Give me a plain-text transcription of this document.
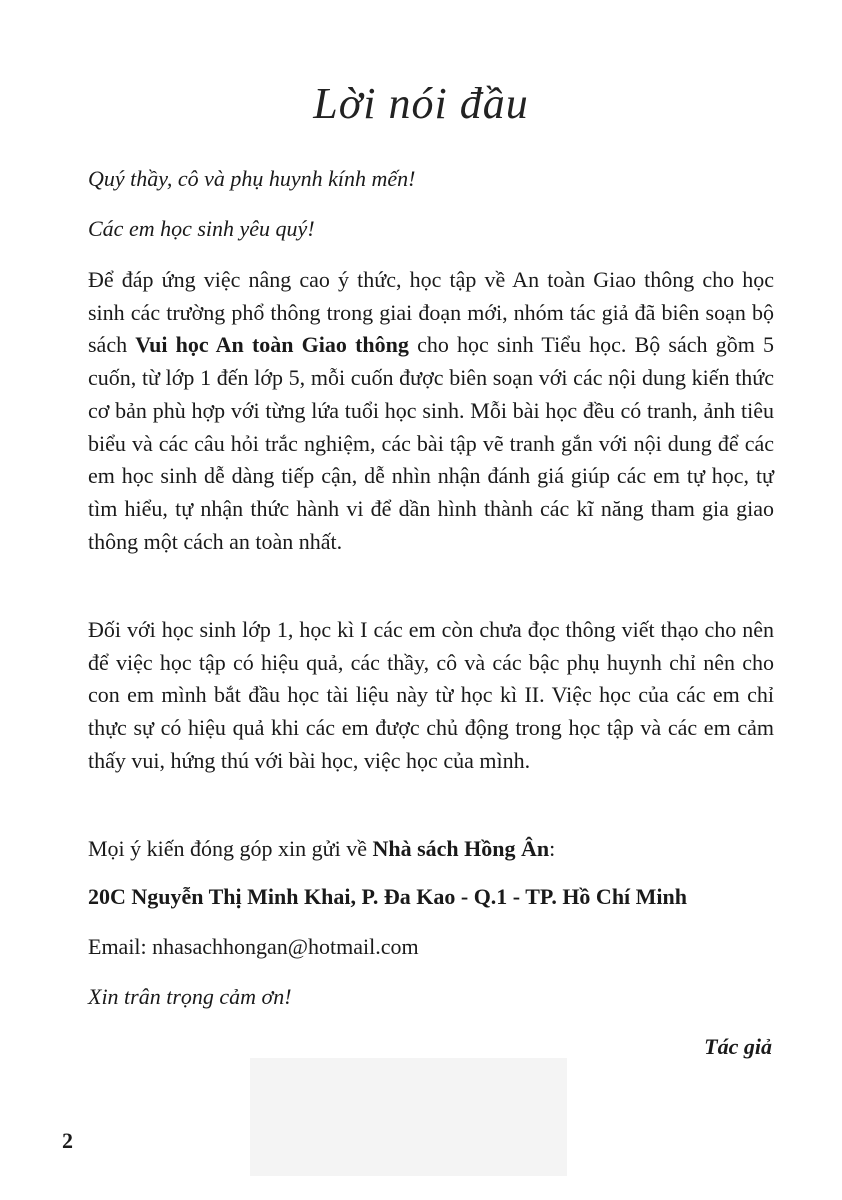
Lời nói đầu
Quý thầy, cô và phụ huynh kính mến!
Các em học sinh yêu quý!
Để đáp ứng việc nâng cao ý thức, học tập về An toàn Giao thông cho học sinh các trường phổ thông trong giai đoạn mới, nhóm tác giả đã biên soạn bộ sách Vui học An toàn Giao thông cho học sinh Tiểu học. Bộ sách gồm 5 cuốn, từ lớp 1 đến lớp 5, mỗi cuốn được biên soạn với các nội dung kiến thức cơ bản phù hợp với từng lứa tuổi học sinh. Mỗi bài học đều có tranh, ảnh tiêu biểu và các câu hỏi trắc nghiệm, các bài tập vẽ tranh gắn với nội dung để các em học sinh dễ dàng tiếp cận, dễ nhìn nhận đánh giá giúp các em tự học, tự tìm hiểu, tự nhận thức hành vi để dần hình thành các kĩ năng tham gia giao thông một cách an toàn nhất.
Đối với học sinh lớp 1, học kì I các em còn chưa đọc thông viết thạo cho nên để việc học tập có hiệu quả, các thầy, cô và các bậc phụ huynh chỉ nên cho con em mình bắt đầu học tài liệu này từ học kì II. Việc học của các em chỉ thực sự có hiệu quả khi các em được chủ động trong học tập và các em cảm thấy vui, hứng thú với bài học, việc học của mình.
Mọi ý kiến đóng góp xin gửi về Nhà sách Hồng Ân:
20C Nguyễn Thị Minh Khai, P. Đa Kao - Q.1 - TP. Hồ Chí Minh
Email: nhasachhongan@hotmail.com
Xin trân trọng cảm ơn!
Tác giả
2
